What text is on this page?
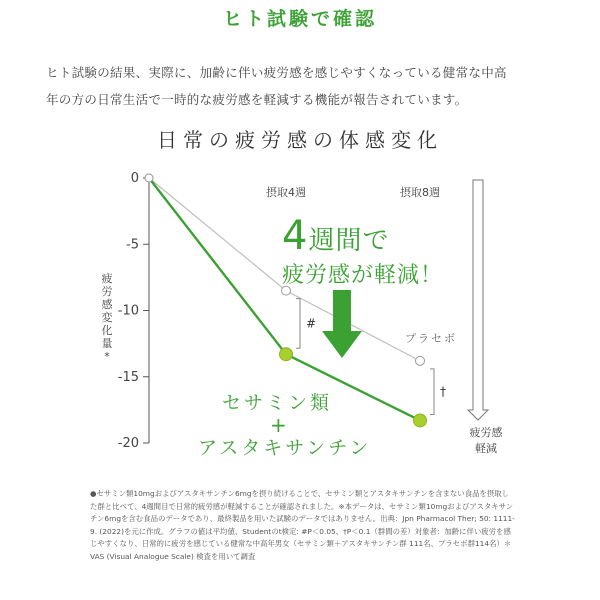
ヒト試験で確認
ヒト試験の結果、実際に、加齢に伴い疲労感を感じやすくなっている健常な中高
年の方の日常生活で一時的な疲労感を軽減する機能が報告されています。
日常の疲労感の体感変化
0
-5
-10
-15
-20
摂取4週	摂取8週
プラセボ
#
†
疲労感変化量*
疲労感
軽減
4週間で
疲労感が軽減！
セサミン類
+
アスタキサンチン
●セサミン類10mgおよびアスタキサンチン6mgを摂り続けることで、セサミン類とアスタキサンチンを含まない食品を摂取した群と比べて、4週間目で日常的疲労感が軽減することが確認されました。※本データは、セサミン類10mgおよびアスタキサンチン6mgを含む食品のデータであり、最終製品を用いた試験のデータではありません。出典：Jpn Pharmacol Ther; 50: 1111-9. (2022)を元に作成。グラフの値は平均値、Studentのt検定: #P＜0.05、†P＜0.1（群間の差）対象者：加齢に伴い疲労を感じやすくなり、日常的に疲労を感じている健常な中高年男女（セサミン類＋アスタキサンチン群 111名、プラセボ群114名）＊VAS (Visual Analogue Scale) 検査を用いて調査
